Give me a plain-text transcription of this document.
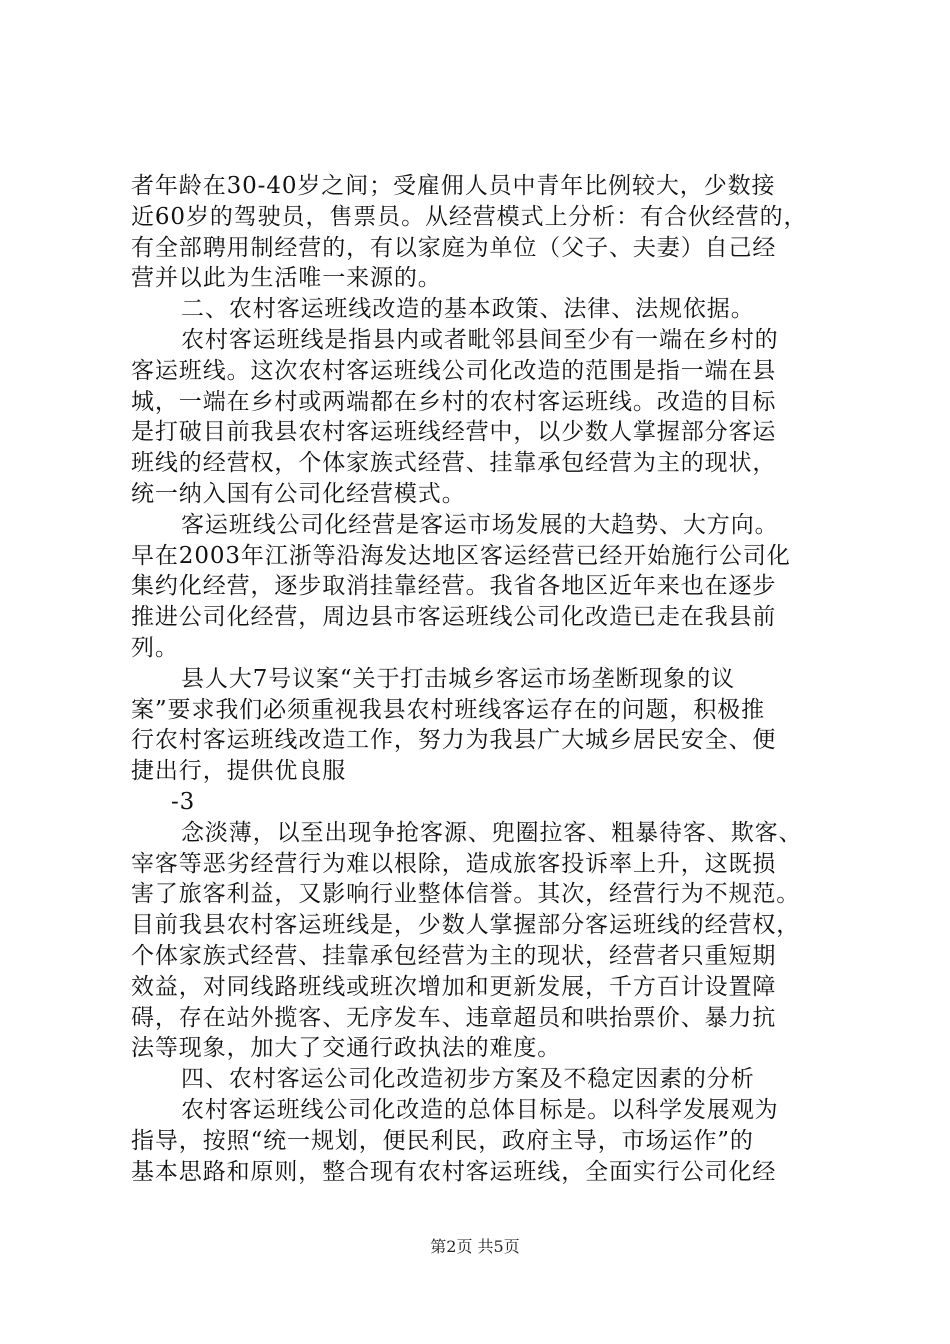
者年龄在30-40岁之间；受雇佣人员中青年比例较大，少数接
近60岁的驾驶员，售票员。从经营模式上分析：有合伙经营的，
有全部聘用制经营的，有以家庭为单位（父子、夫妻）自己经
营并以此为生活唯一来源的。
二、农村客运班线改造的基本政策、法律、法规依据。
农村客运班线是指县内或者毗邻县间至少有一端在乡村的
客运班线。这次农村客运班线公司化改造的范围是指一端在县
城，一端在乡村或两端都在乡村的农村客运班线。改造的目标
是打破目前我县农村客运班线经营中，以少数人掌握部分客运
班线的经营权，个体家族式经营、挂靠承包经营为主的现状，
统一纳入国有公司化经营模式。
客运班线公司化经营是客运市场发展的大趋势、大方向。
早在2003年江浙等沿海发达地区客运经营已经开始施行公司化
集约化经营，逐步取消挂靠经营。我省各地区近年来也在逐步
推进公司化经营，周边县市客运班线公司化改造已走在我县前
列。
县人大7号议案“关于打击城乡客运市场垄断现象的议
案”要求我们必须重视我县农村班线客运存在的问题，积极推
行农村客运班线改造工作，努力为我县广大城乡居民安全、便
捷出行，提供优良服
-3
念淡薄，以至出现争抢客源、兜圈拉客、粗暴待客、欺客、
宰客等恶劣经营行为难以根除，造成旅客投诉率上升，这既损
害了旅客利益，又影响行业整体信誉。其次，经营行为不规范。
目前我县农村客运班线是，少数人掌握部分客运班线的经营权，
个体家族式经营、挂靠承包经营为主的现状，经营者只重短期
效益，对同线路班线或班次增加和更新发展，千方百计设置障
碍，存在站外揽客、无序发车、违章超员和哄抬票价、暴力抗
法等现象，加大了交通行政执法的难度。
四、农村客运公司化改造初步方案及不稳定因素的分析
农村客运班线公司化改造的总体目标是。以科学发展观为
指导，按照“统一规划，便民利民，政府主导，市场运作”的
基本思路和原则，整合现有农村客运班线，全面实行公司化经
第2页 共5页
